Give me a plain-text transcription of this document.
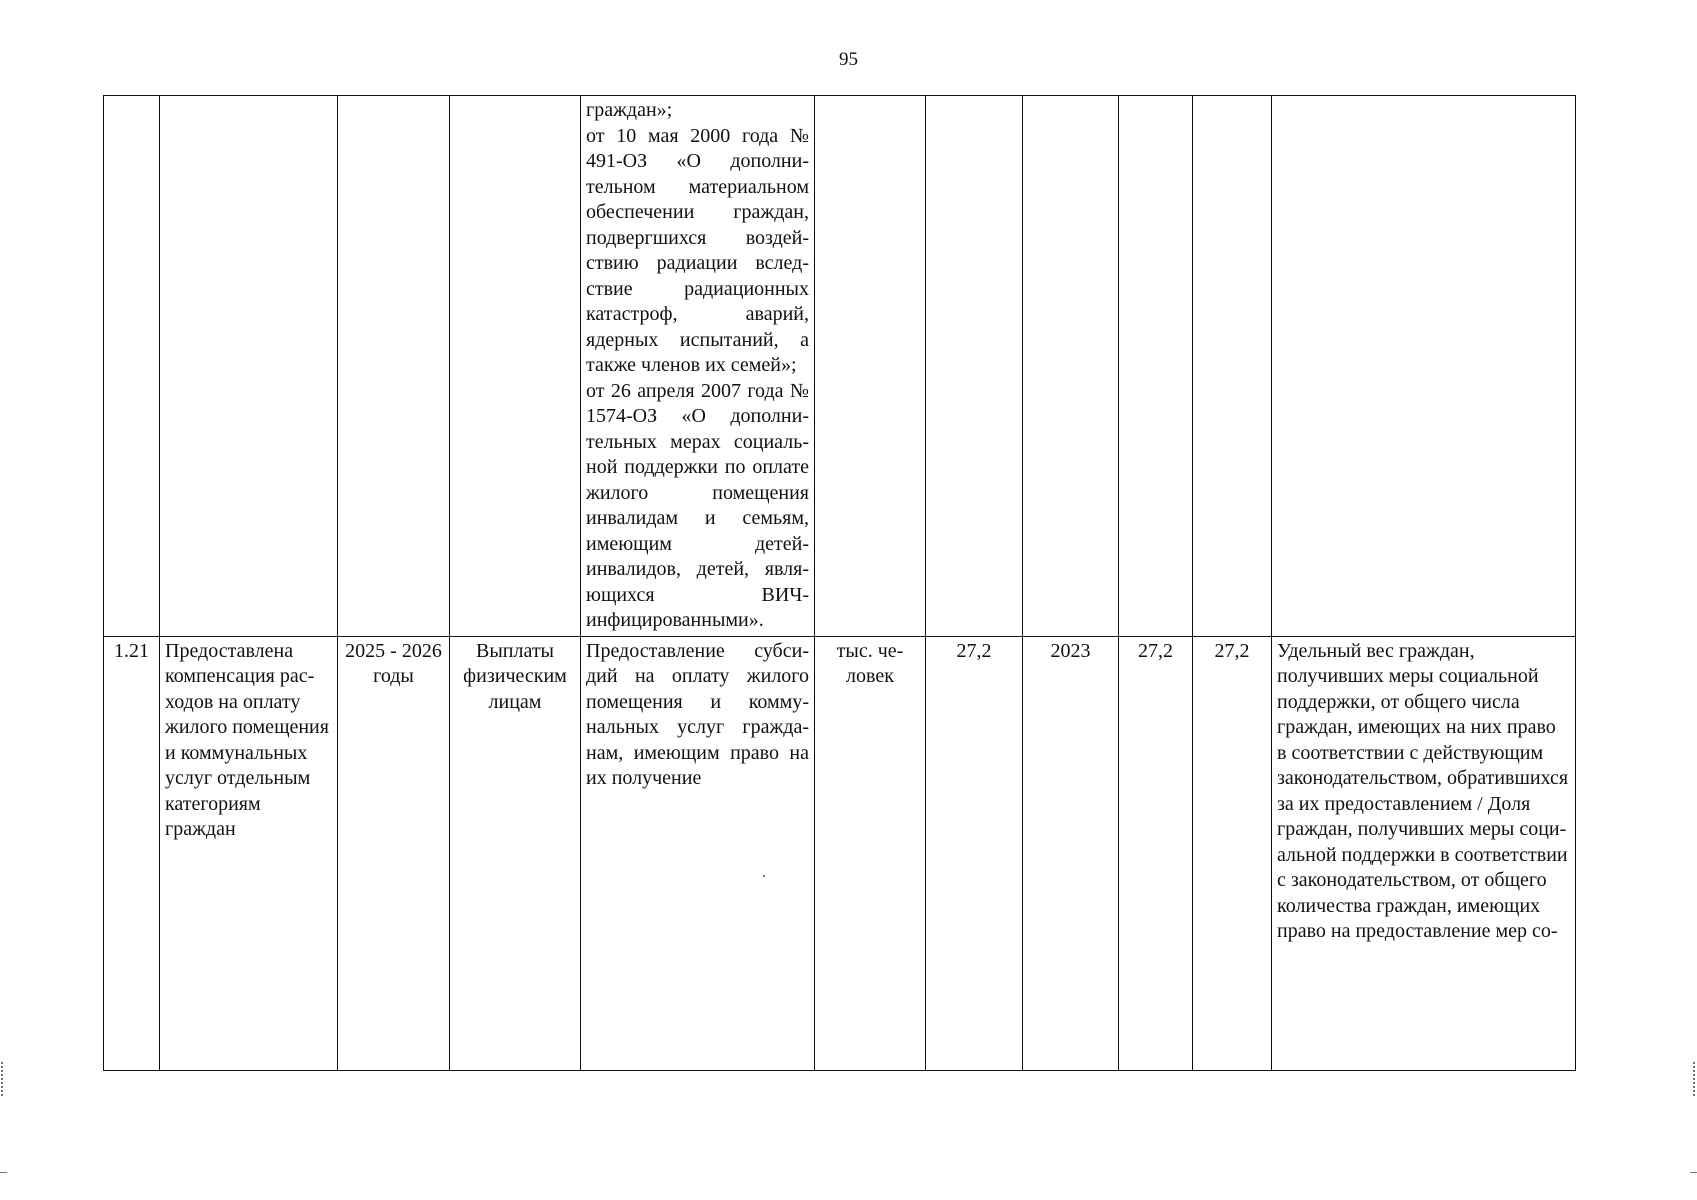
95

				граждан»;
от 10 мая 2000 года № 491-ОЗ «О дополнительном материальном обеспечении граждан, подвергшихся воздействию радиации вследствие радиационных катастроф, аварий, ядерных испытаний, а также членов их семей»;
от 26 апреля 2007 года № 1574-ОЗ «О дополнительных мерах социальной поддержки по оплате жилого помещения инвалидам и семьям, имеющим детей-инвалидов, детей, являющихся ВИЧ-инфицированными».						

1.21	Предоставлена компенсация расходов на оплату жилого помещения и коммунальных услуг отдельным категориям граждан	2025 - 2026 годы	Выплаты физическим лицам	Предоставление субсидий на оплату жилого помещения и коммунальных услуг гражданам, имеющим право на их получение	тыс. человек	27,2	2023	27,2	27,2	Удельный вес граждан, получивших меры социальной поддержки, от общего числа граждан, имеющих на них право в соответствии с действующим законодательством, обратившихся за их предоставлением / Доля граждан, получивших меры социальной поддержки в соответствии с законодательством, от общего количества граждан, имеющих право на предоставление мер со-
